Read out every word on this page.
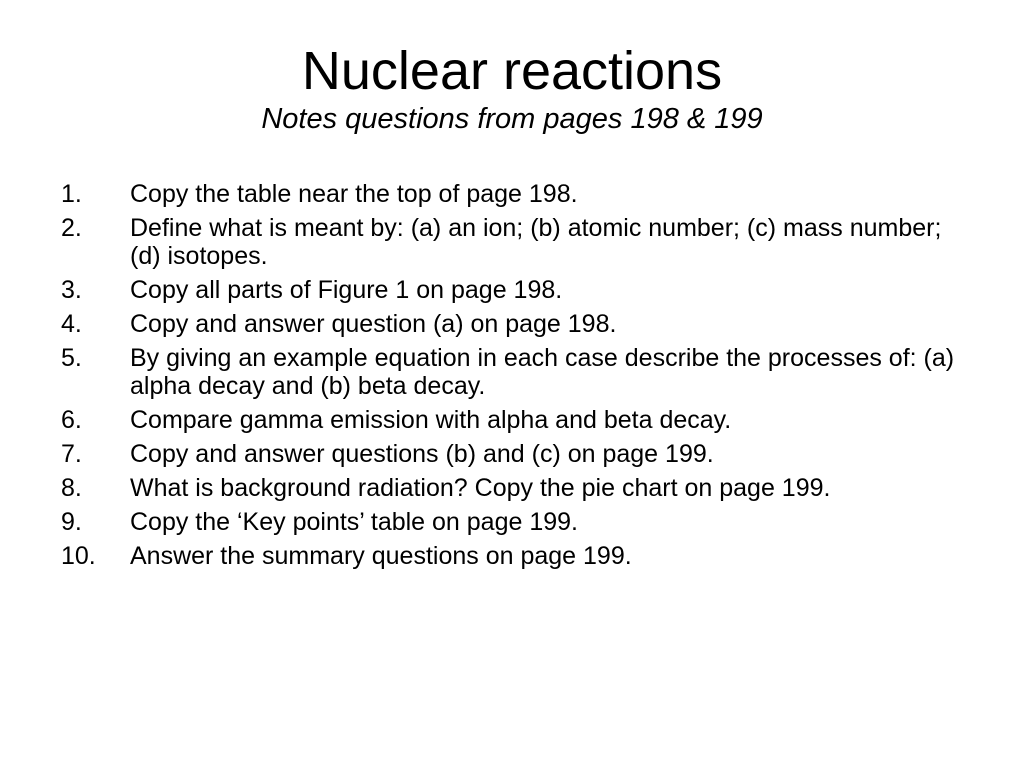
Nuclear reactions

Notes questions from pages 198 & 199

1.	Copy the table near the top of page 198.
2.	Define what is meant by: (a) an ion; (b) atomic number; (c) mass number; (d) isotopes.
3.	Copy all parts of Figure 1 on page 198.
4.	Copy and answer question (a) on page 198.
5.	By giving an example equation in each case describe the processes of: (a) alpha decay and (b) beta decay.
6.	Compare gamma emission with alpha and beta decay.
7.	Copy and answer questions (b) and (c) on page 199.
8.	What is background radiation? Copy the pie chart on page 199.
9.	Copy the ‘Key points’ table on page 199.
10.	Answer the summary questions on page 199.
